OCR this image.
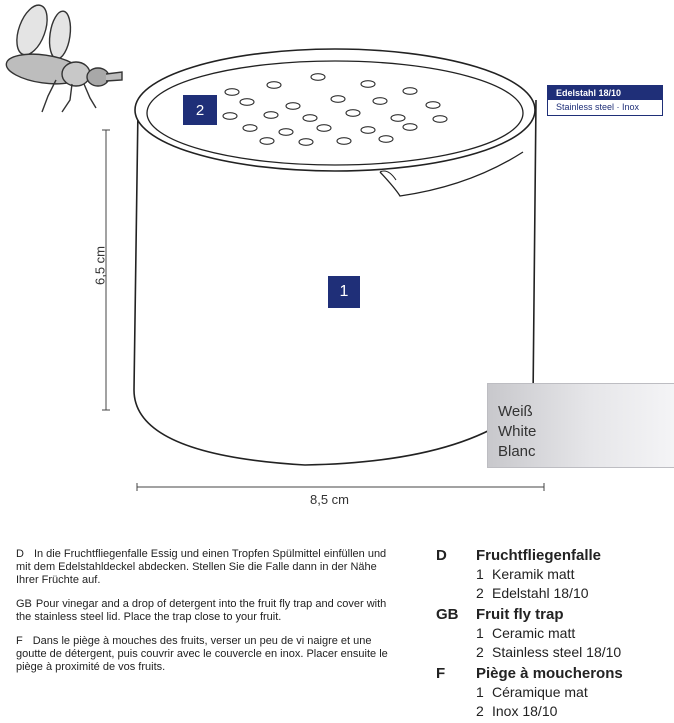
2
1
Edelstahl 18/10
Stainless steel · Inox
Weiß
White
Blanc
6,5 cm
8,5 cm

D In die Fruchtfliegenfalle Essig und einen Tropfen Spülmittel einfüllen und mit dem Edelstahldeckel abdecken. Stellen Sie die Falle dann in der Nähe Ihrer Früchte auf.

GB Pour vinegar and a drop of detergent into the fruit fly trap and cover with the stainless steel lid. Place the trap close to your fruit.

F Dans le piège à mouches des fruits, verser un peu de vi naigre et une goutte de détergent, puis couvrir avec le couvercle en inox. Placer ensuite le piège à proximité de vos fruits.

D	Fruchtfliegenfalle
1 Keramik matt
2 Edelstahl 18/10
GB	Fruit fly trap
1 Ceramic matt
2 Stainless steel 18/10
F	Piège à moucherons
1 Céramique mat
2 Inox 18/10
